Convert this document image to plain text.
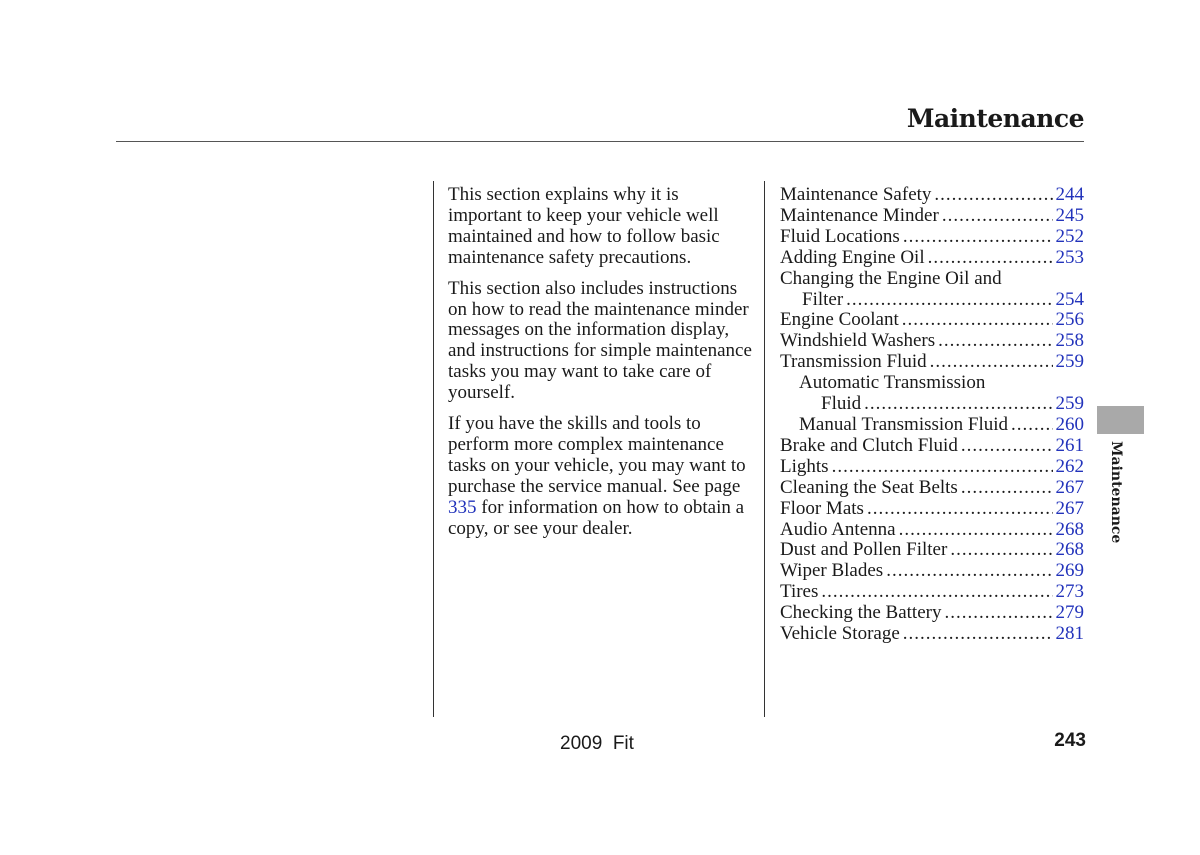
Maintenance

This section explains why it is important to keep your vehicle well maintained and how to follow basic maintenance safety precautions.

This section also includes instructions on how to read the maintenance minder messages on the information display, and instructions for simple maintenance tasks you may want to take care of yourself.

If you have the skills and tools to perform more complex maintenance tasks on your vehicle, you may want to purchase the service manual. See page 335 for information on how to obtain a copy, or see your dealer.

Maintenance Safety .....	244
Maintenance Minder .....	245
Fluid Locations .....	252
Adding Engine Oil .....	253
Changing the Engine Oil and
Filter .....	254
Engine Coolant .....	256
Windshield Washers .....	258
Transmission Fluid .....	259
Automatic Transmission
Fluid .....	259
Manual Transmission Fluid ..... 260
Brake and Clutch Fluid .....	261
Lights .....	262
Cleaning the Seat Belts .....	267
Floor Mats .....	267
Audio Antenna .....	268
Dust and Pollen Filter .....	268
Wiper Blades .....	269
Tires .....	273
Checking the Battery .....	279
Vehicle Storage .....	281
Maintenance
2009  Fit	243
